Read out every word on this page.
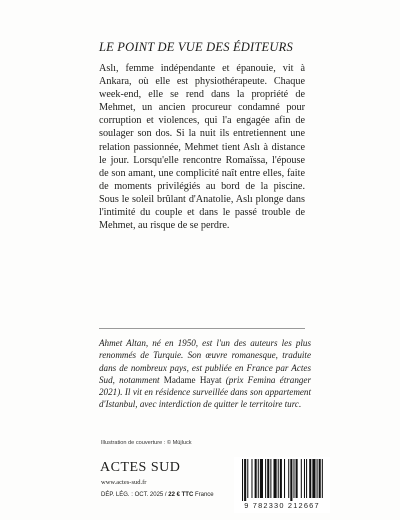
LE POINT DE VUE DES ÉDITEURS

Aslı, femme indépendante et épanouie, vit à Ankara, où elle est physiothérapeute. Chaque week-end, elle se rend dans la propriété de Mehmet, un ancien procureur condamné pour corruption et violences, qui l'a engagée afin de soulager son dos. Si la nuit ils entretiennent une relation passionnée, Mehmet tient Aslı à distance le jour. Lorsqu'elle rencontre Romaïssa, l'épouse de son amant, une complicité naît entre elles, faite de moments privilégiés au bord de la piscine. Sous le soleil brûlant d'Anatolie, Aslı plonge dans l'intimité du couple et dans le passé trouble de Mehmet, au risque de se perdre.

Ahmet Altan, né en 1950, est l'un des auteurs les plus renommés de Turquie. Son œuvre romanesque, traduite dans de nombreux pays, est publiée en France par Actes Sud, notamment Madame Hayat (prix Femina étranger 2021). Il vit en résidence surveillée dans son appartement d'Istanbul, avec interdiction de quitter le territoire turc.

Illustration de couverture : © Müjluck
ACTES SUD
www.actes-sud.fr
DÉP. LÉG. : OCT. 2025 / 22 € TTC France
9 782330 212667
